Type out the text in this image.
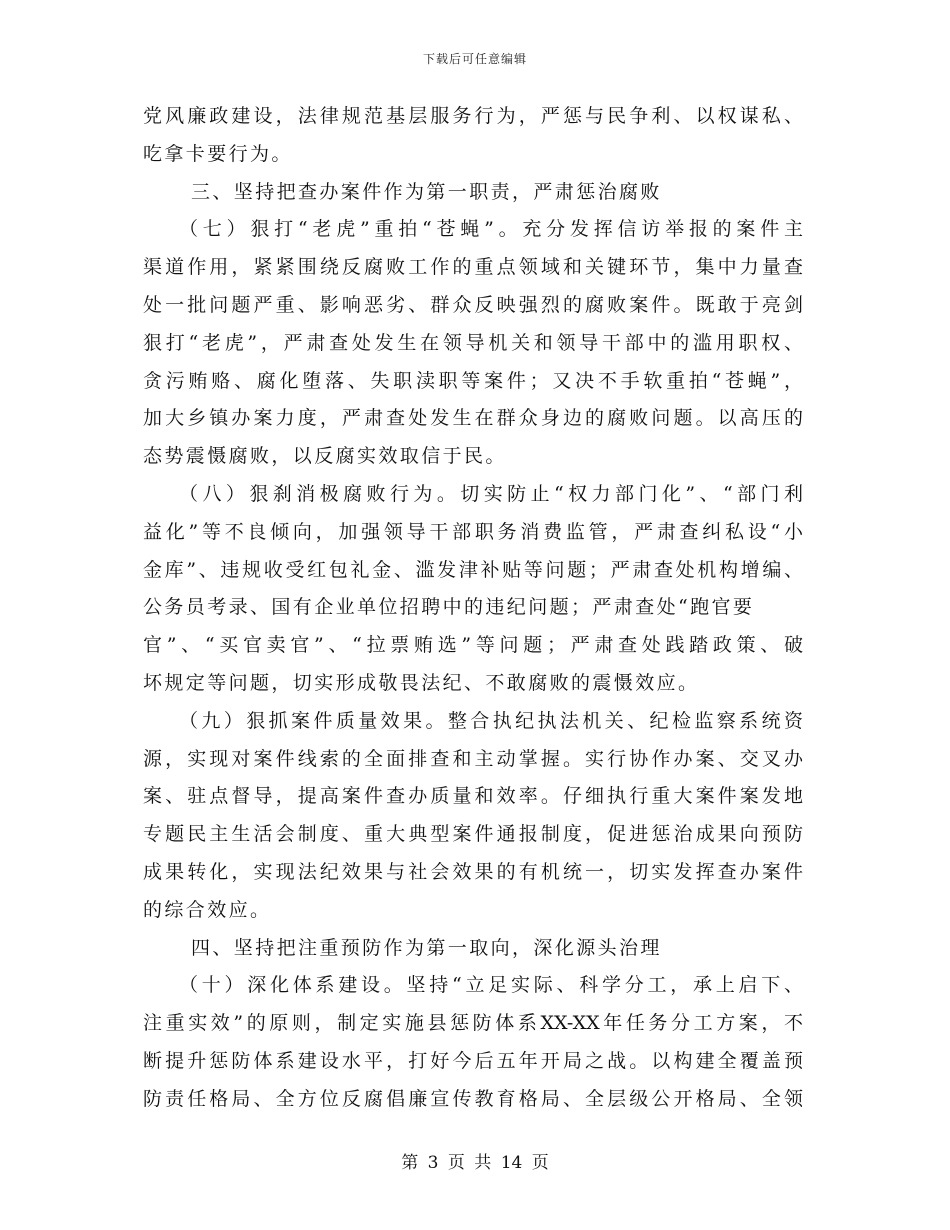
下载后可任意编辑
党风廉政建设，法律规范基层服务行为，严惩与民争利、以权谋私、
吃拿卡要行为。
三、坚持把查办案件作为第一职责，严肃惩治腐败
（七）狠打“老虎”重拍“苍蝇”。充分发挥信访举报的案件主
渠道作用，紧紧围绕反腐败工作的重点领域和关键环节，集中力量查
处一批问题严重、影响恶劣、群众反映强烈的腐败案件。既敢于亮剑
狠打“老虎”，严肃查处发生在领导机关和领导干部中的滥用职权、
贪污贿赂、腐化堕落、失职渎职等案件；又决不手软重拍“苍蝇”，
加大乡镇办案力度，严肃查处发生在群众身边的腐败问题。以高压的
态势震慑腐败，以反腐实效取信于民。
（八）狠刹消极腐败行为。切实防止“权力部门化”、“部门利
益化”等不良倾向，加强领导干部职务消费监管，严肃查纠私设“小
金库”、违规收受红包礼金、滥发津补贴等问题；严肃查处机构增编、
公务员考录、国有企业单位招聘中的违纪问题；严肃查处“跑官要
官”、“买官卖官”、“拉票贿选”等问题；严肃查处践踏政策、破
坏规定等问题，切实形成敬畏法纪、不敢腐败的震慑效应。
（九）狠抓案件质量效果。整合执纪执法机关、纪检监察系统资
源，实现对案件线索的全面排查和主动掌握。实行协作办案、交叉办
案、驻点督导，提高案件查办质量和效率。仔细执行重大案件案发地
专题民主生活会制度、重大典型案件通报制度，促进惩治成果向预防
成果转化，实现法纪效果与社会效果的有机统一，切实发挥查办案件
的综合效应。
四、坚持把注重预防作为第一取向，深化源头治理
（十）深化体系建设。坚持“立足实际、科学分工，承上启下、
注重实效”的原则，制定实施县惩防体系XX-XX年任务分工方案，不
断提升惩防体系建设水平，打好今后五年开局之战。以构建全覆盖预
防责任格局、全方位反腐倡廉宣传教育格局、全层级公开格局、全领
第 3 页 共 14 页
